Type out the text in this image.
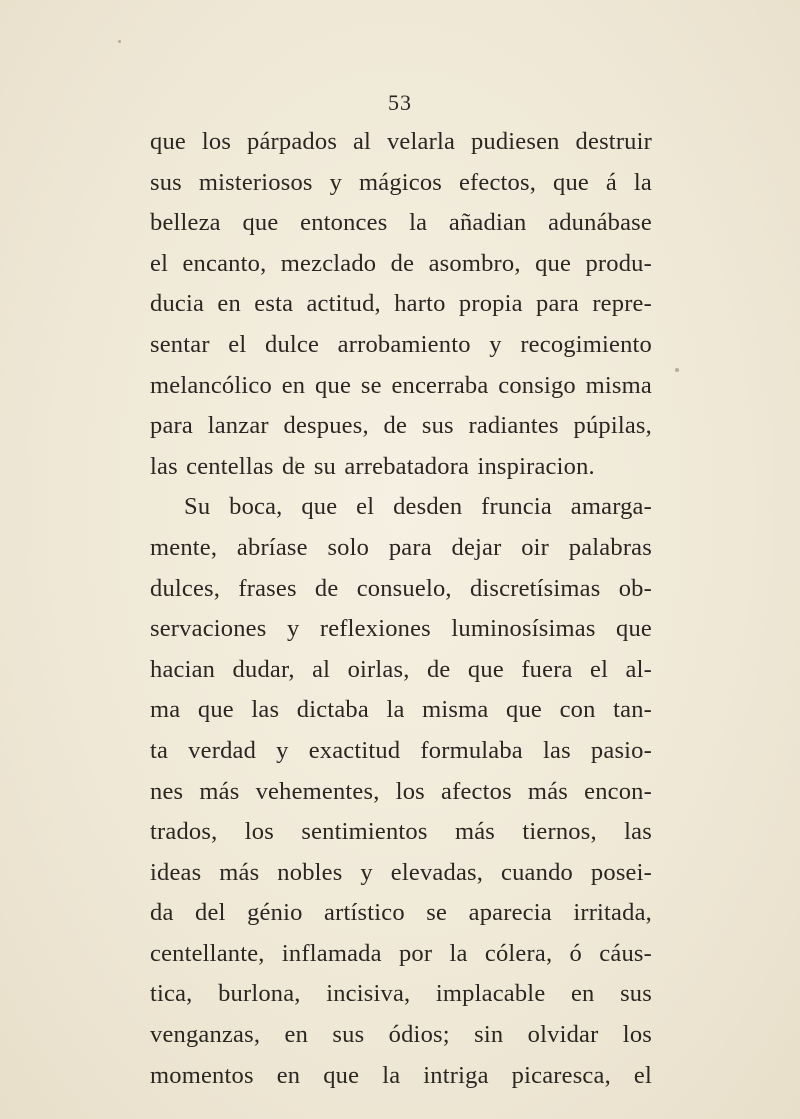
53
que los párpados al velarla pudiesen destruir
sus misteriosos y mágicos efectos, que á la
belleza que entonces la añadian adunábase
el encanto, mezclado de asombro, que produ-
ducia en esta actitud, harto propia para repre-
sentar el dulce arrobamiento y recogimiento
melancólico en que se encerraba consigo misma
para lanzar despues, de sus radiantes púpilas,
las centellas de su arrebatadora inspiracion.
Su boca, que el desden fruncia amarga-
mente, abríase solo para dejar oir palabras
dulces, frases de consuelo, discretísimas ob-
servaciones y reflexiones luminosísimas que
hacian dudar, al oirlas, de que fuera el al-
ma que las dictaba la misma que con tan-
ta verdad y exactitud formulaba las pasio-
nes más vehementes, los afectos más encon-
trados, los sentimientos más tiernos, las
ideas más nobles y elevadas, cuando posei-
da del génio artístico se aparecia irritada,
centellante, inflamada por la cólera, ó cáus-
tica, burlona, incisiva, implacable en sus
venganzas, en sus ódios; sin olvidar los
momentos en que la intriga picaresca, el
